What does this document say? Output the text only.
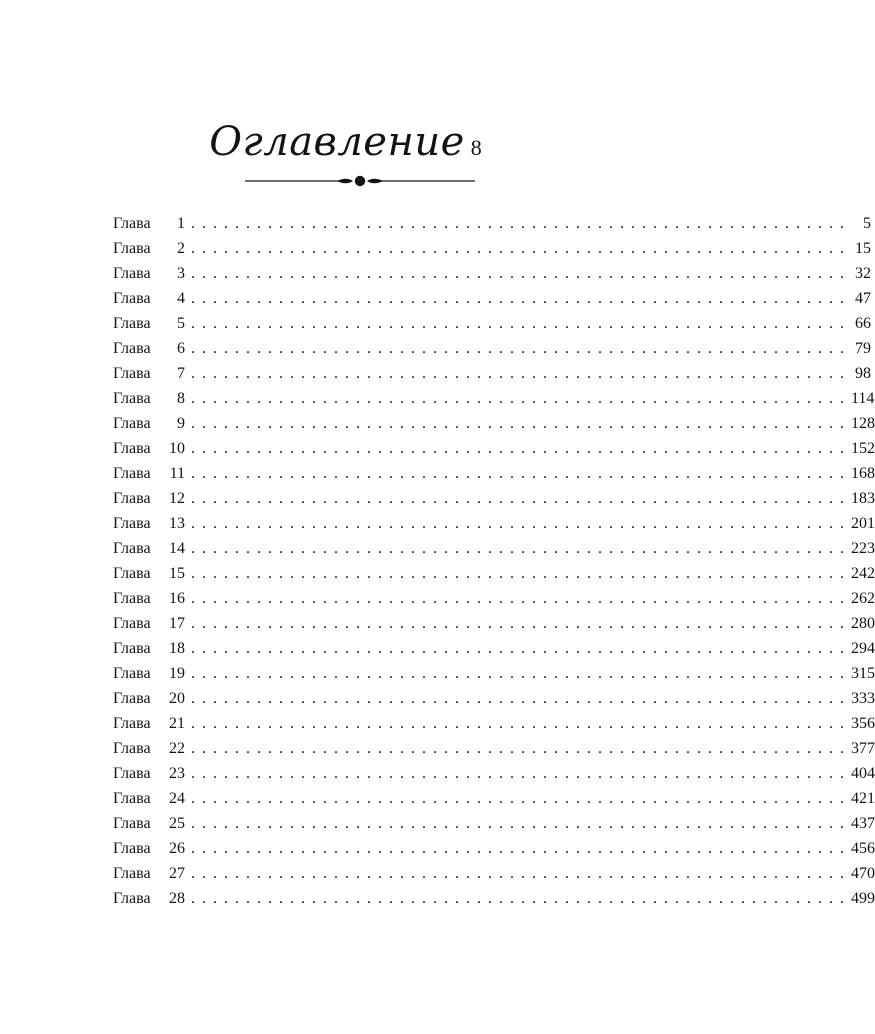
Оглавление 8
Глава 1 ............................................................ 5
Глава 2 ............................................................ 15
Глава 3 ............................................................ 32
Глава 4 ............................................................ 47
Глава 5 ............................................................ 66
Глава 6 ............................................................ 79
Глава 7 ............................................................ 98
Глава 8 ............................................................ 114
Глава 9 ............................................................ 128
Глава 10 ............................................................ 152
Глава 11 ............................................................ 168
Глава 12 ............................................................ 183
Глава 13 ............................................................ 201
Глава 14 ............................................................ 223
Глава 15 ............................................................ 242
Глава 16 ............................................................ 262
Глава 17 ............................................................ 280
Глава 18 ............................................................ 294
Глава 19 ............................................................ 315
Глава 20 ............................................................ 333
Глава 21 ............................................................ 356
Глава 22 ............................................................ 377
Глава 23 ............................................................ 404
Глава 24 ............................................................ 421
Глава 25 ............................................................ 437
Глава 26 ............................................................ 456
Глава 27 ............................................................ 470
Глава 28 ............................................................ 499
